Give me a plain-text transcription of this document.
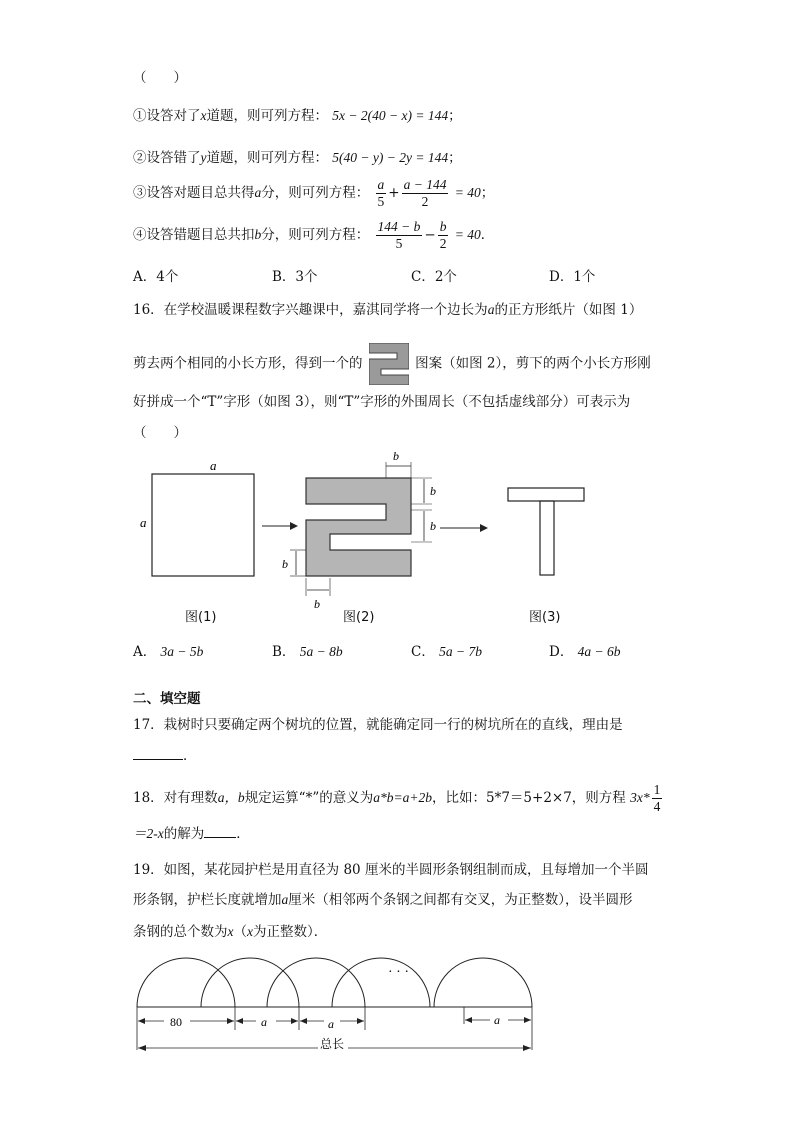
（　　）
①设答对了x道题，则可列方程： 5x − 2(40 − x) = 144；
②设答错了y道题，则可列方程： 5(40 − y) − 2y = 144；
③设答对题目总共得a分，则可列方程： $\frac{a}{5} + \frac{a - 144}{2} = 40$；
④设答错题目总共扣b分，则可列方程： $\frac{144 - b}{5} - \frac{b}{2} = 40$．
A．4个	B．3个	C．2个	D．1个
16．在学校温暖课程数字兴趣课中，嘉淇同学将一个边长为a的正方形纸片（如图 1）
剪去两个相同的小长方形，得到一个的	图案（如图 2），剪下的两个小长方形刚
好拼成一个“T”字形（如图 3），则“T”字形的外围周长（不包括虚线部分）可表示为
（　　）
a
a
b
b
b
b
b
图(1)	图(2)	图(3)
A． 3a − 5b	B． 5a − 8b	C． 5a − 7b	D． 4a − 6b
二、填空题
17．栽树时只要确定两个树坑的位置，就能确定同一行的树坑所在的直线，理由是
．
18．对有理数a，b规定运算“*”的意义为a*b=a+2b，比如：5*7＝5+2×7，则方程 $3x* \frac{1}{4}$
＝2-x的解为 ．
19．如图，某花园护栏是用直径为 80 厘米的半圆形条钢组制而成，且每增加一个半圆
形条钢，护栏长度就增加a厘米（相邻两个条钢之间都有交叉，为正整数），设半圆形
条钢的总个数为x（x为正整数）．
· · ·
80	a	a	a
总长
